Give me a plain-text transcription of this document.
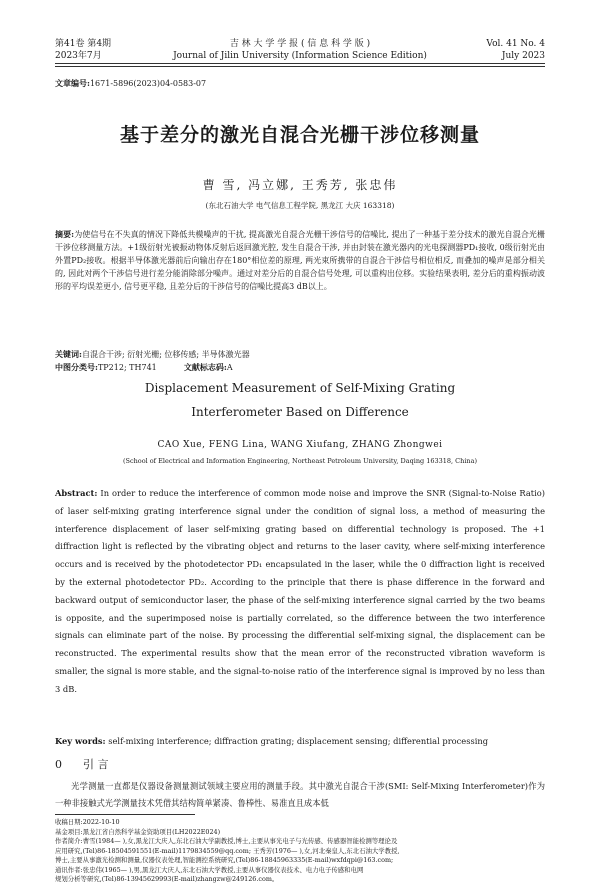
第41卷 第4期
2023年7月
吉 林 大 学 学 报 ( 信 息 科 学 版 )
Journal of Jilin University (Information Science Edition)
Vol. 41 No. 4
July 2023
文章编号:1671-5896(2023)04-0583-07
基于差分的激光自混合光栅干涉位移测量
曹 雪, 冯立娜, 王秀芳, 张忠伟
(东北石油大学 电气信息工程学院, 黑龙江 大庆 163318)
摘要:为使信号在不失真的情况下降低共模噪声的干扰, 提高激光自混合光栅干涉信号的信噪比, 提出了一种基于差分技术的激光自混合光栅干涉位移测量方法。+1级衍射光被振动物体反射后返回激光腔, 发生自混合干涉, 并由封装在激光器内的光电探测器PD₁接收, 0级衍射光由外置PD₂接收。根据半导体激光器前后向输出存在180°相位差的原理, 两光束所携带的自混合干涉信号相位相反, 而叠加的噪声是部分相关的, 因此对两个干涉信号进行差分能消除部分噪声。通过对差分后的自混合信号处理, 可以重构出位移。实验结果表明, 差分后的重构振动波形的平均误差更小, 信号更平稳, 且差分后的干涉信号的信噪比提高3 dB以上。
关键词:自混合干涉; 衍射光栅; 位移传感; 半导体激光器
中图分类号:TP212; TH741	文献标志码:A
Displacement Measurement of Self-Mixing Grating
Interferometer Based on Difference
CAO Xue, FENG Lina, WANG Xiufang, ZHANG Zhongwei
(School of Electrical and Information Engineering, Northeast Petroleum University, Daqing 163318, China)
Abstract: In order to reduce the interference of common mode noise and improve the SNR (Signal-to-Noise Ratio) of laser self-mixing grating interference signal under the condition of signal loss, a method of measuring the interference displacement of laser self-mixing grating based on differential technology is proposed. The +1 diffraction light is reflected by the vibrating object and returns to the laser cavity, where self-mixing interference occurs and is received by the photodetector PD₁ encapsulated in the laser, while the 0 diffraction light is received by the external photodetector PD₂. According to the principle that there is phase difference in the forward and backward output of semiconductor laser, the phase of the self-mixing interference signal carried by the two beams is opposite, and the superimposed noise is partially correlated, so the difference between the two interference signals can eliminate part of the noise. By processing the differential self-mixing signal, the displacement can be reconstructed. The experimental results show that the mean error of the reconstructed vibration waveform is smaller, the signal is more stable, and the signal-to-noise ratio of the interference signal is improved by no less than 3 dB.
Key words: self-mixing interference; diffraction grating; displacement sensing; differential processing
0 引 言
光学测量一直都是仪器设备测量测试领域主要应用的测量手段。其中激光自混合干涉(SMI: Self-Mixing Interferometer)作为一种非接触式光学测量技术凭借其结构简单紧凑、鲁棒性、易准直且成本低
收稿日期:2022-10-10
基金项目:黑龙江省自然科学基金资助项目(LH2022E024)
作者简介:曹雪(1984— ),女,黑龙江大庆人,东北石油大学副教授,博士,主要从事光电子与光传感、传感器智能检测等理论及
应用研究,(Tel)86-18504591551(E-mail)1179834559@qq.com; 王秀芳(1976— ),女,河北秦皇人,东北石油大学教授,
博士,主要从事激光检测和测量,仪器仪表处理,智能测控系统研究,(Tel)86-18845963335(E-mail)wxfdqpi@163.com;
通讯作者:张忠伟(1965— ),男,黑龙江大庆人,东北石油大学教授,主要从事仪器仪表技术、电力电子传感和电网
规划分析等研究,(Tel)86-13945629993(E-mail)zhangzw@249126.com。
